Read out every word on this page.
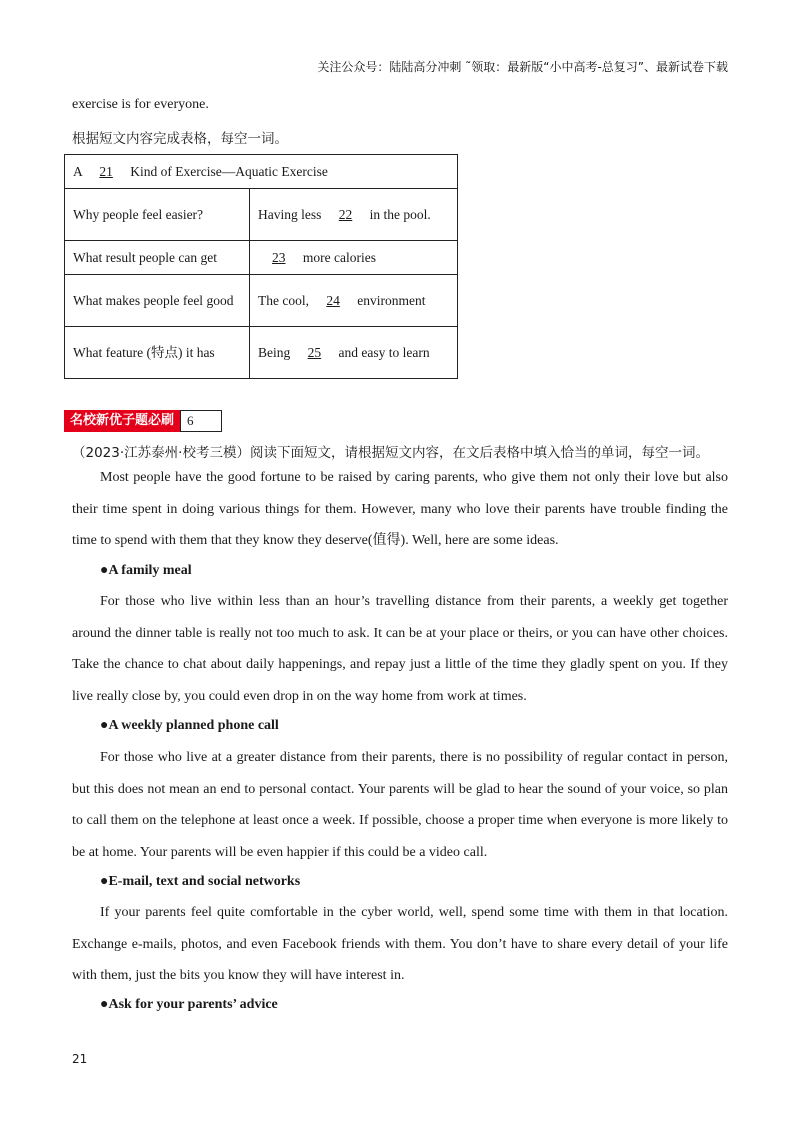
关注公众号：陆陆高分冲刺 ˜领取：最新版“小中高考-总复习”、最新试卷下载
exercise is for everyone.
根据短文内容完成表格，每空一词。
A 21 Kind of Exercise—Aquatic Exercise	
Why people feel easier?	Having less 22 in the pool.
What result people can get	23 more calories
What makes people feel good	The cool, 24 environment
What feature (特点) it has	Being 25 and easy to learn
名校新优子题必刷	6
（2023·江苏泰州·校考三模）阅读下面短文，请根据短文内容，在文后表格中填入恰当的单词，每空一词。
Most people have the good fortune to be raised by caring parents, who give them not only their love but also their time spent in doing various things for them. However, many who love their parents have trouble finding the time to spend with them that they know they deserve(值得). Well, here are some ideas.
●A family meal
For those who live within less than an hour’s travelling distance from their parents, a weekly get together around the dinner table is really not too much to ask. It can be at your place or theirs, or you can have other choices. Take the chance to chat about daily happenings, and repay just a little of the time they gladly spent on you. If they live really close by, you could even drop in on the way home from work at times.
●A weekly planned phone call
For those who live at a greater distance from their parents, there is no possibility of regular contact in person, but this does not mean an end to personal contact. Your parents will be glad to hear the sound of your voice, so plan to call them on the telephone at least once a week. If possible, choose a proper time when everyone is more likely to be at home. Your parents will be even happier if this could be a video call.
●E-mail, text and social networks
If your parents feel quite comfortable in the cyber world, well, spend some time with them in that location. Exchange e-mails, photos, and even Facebook friends with them. You don’t have to share every detail of your life with them, just the bits you know they will have interest in.
●Ask for your parents’ advice
21
